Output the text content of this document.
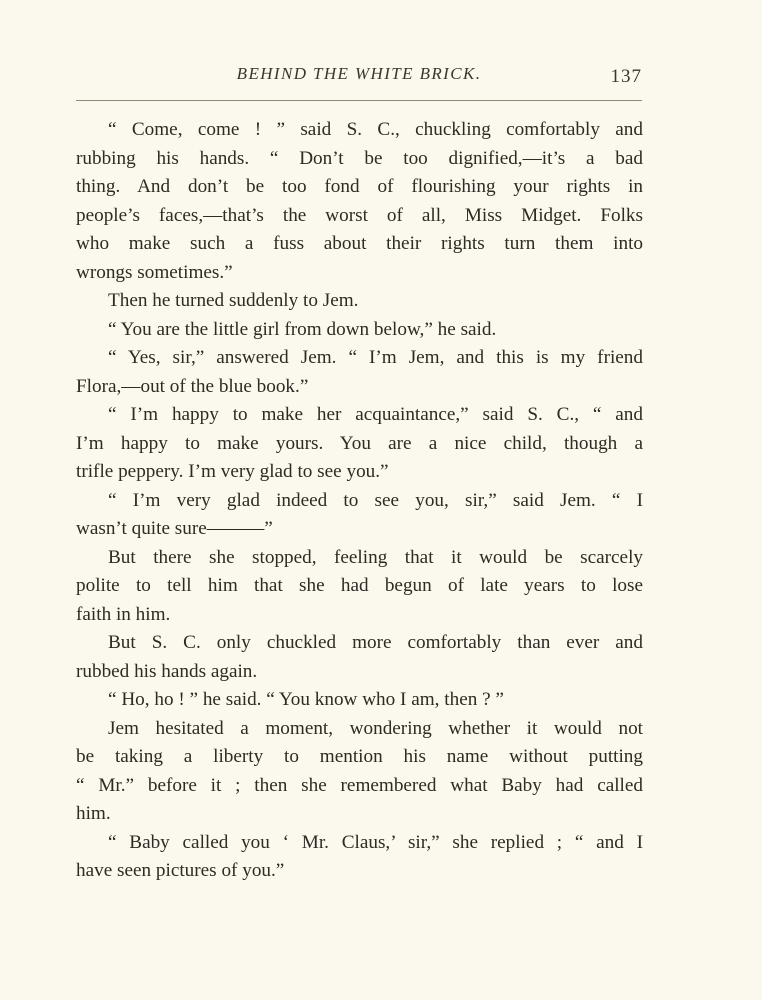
BEHIND THE WHITE BRICK.	137
“ Come, come ! ” said S. C., chuckling comfortably and
rubbing his hands. “ Don’t be too dignified,—it’s a bad
thing. And don’t be too fond of flourishing your rights in
people’s faces,—that’s the worst of all, Miss Midget. Folks
who make such a fuss about their rights turn them into
wrongs sometimes.”
Then he turned suddenly to Jem.
“ You are the little girl from down below,” he said.
“ Yes, sir,” answered Jem. “ I’m Jem, and this is my friend
Flora,—out of the blue book.”
“ I’m happy to make her acquaintance,” said S. C., “ and
I’m happy to make yours. You are a nice child, though a
trifle peppery. I’m very glad to see you.”
“ I’m very glad indeed to see you, sir,” said Jem. “ I
wasn’t quite sure———”
But there she stopped, feeling that it would be scarcely
polite to tell him that she had begun of late years to lose
faith in him.
But S. C. only chuckled more comfortably than ever and
rubbed his hands again.
“ Ho, ho ! ” he said. “ You know who I am, then ? ”
Jem hesitated a moment, wondering whether it would not
be taking a liberty to mention his name without putting
“ Mr.” before it ; then she remembered what Baby had called
him.
“ Baby called you ‘ Mr. Claus,’ sir,” she replied ; “ and I
have seen pictures of you.”
